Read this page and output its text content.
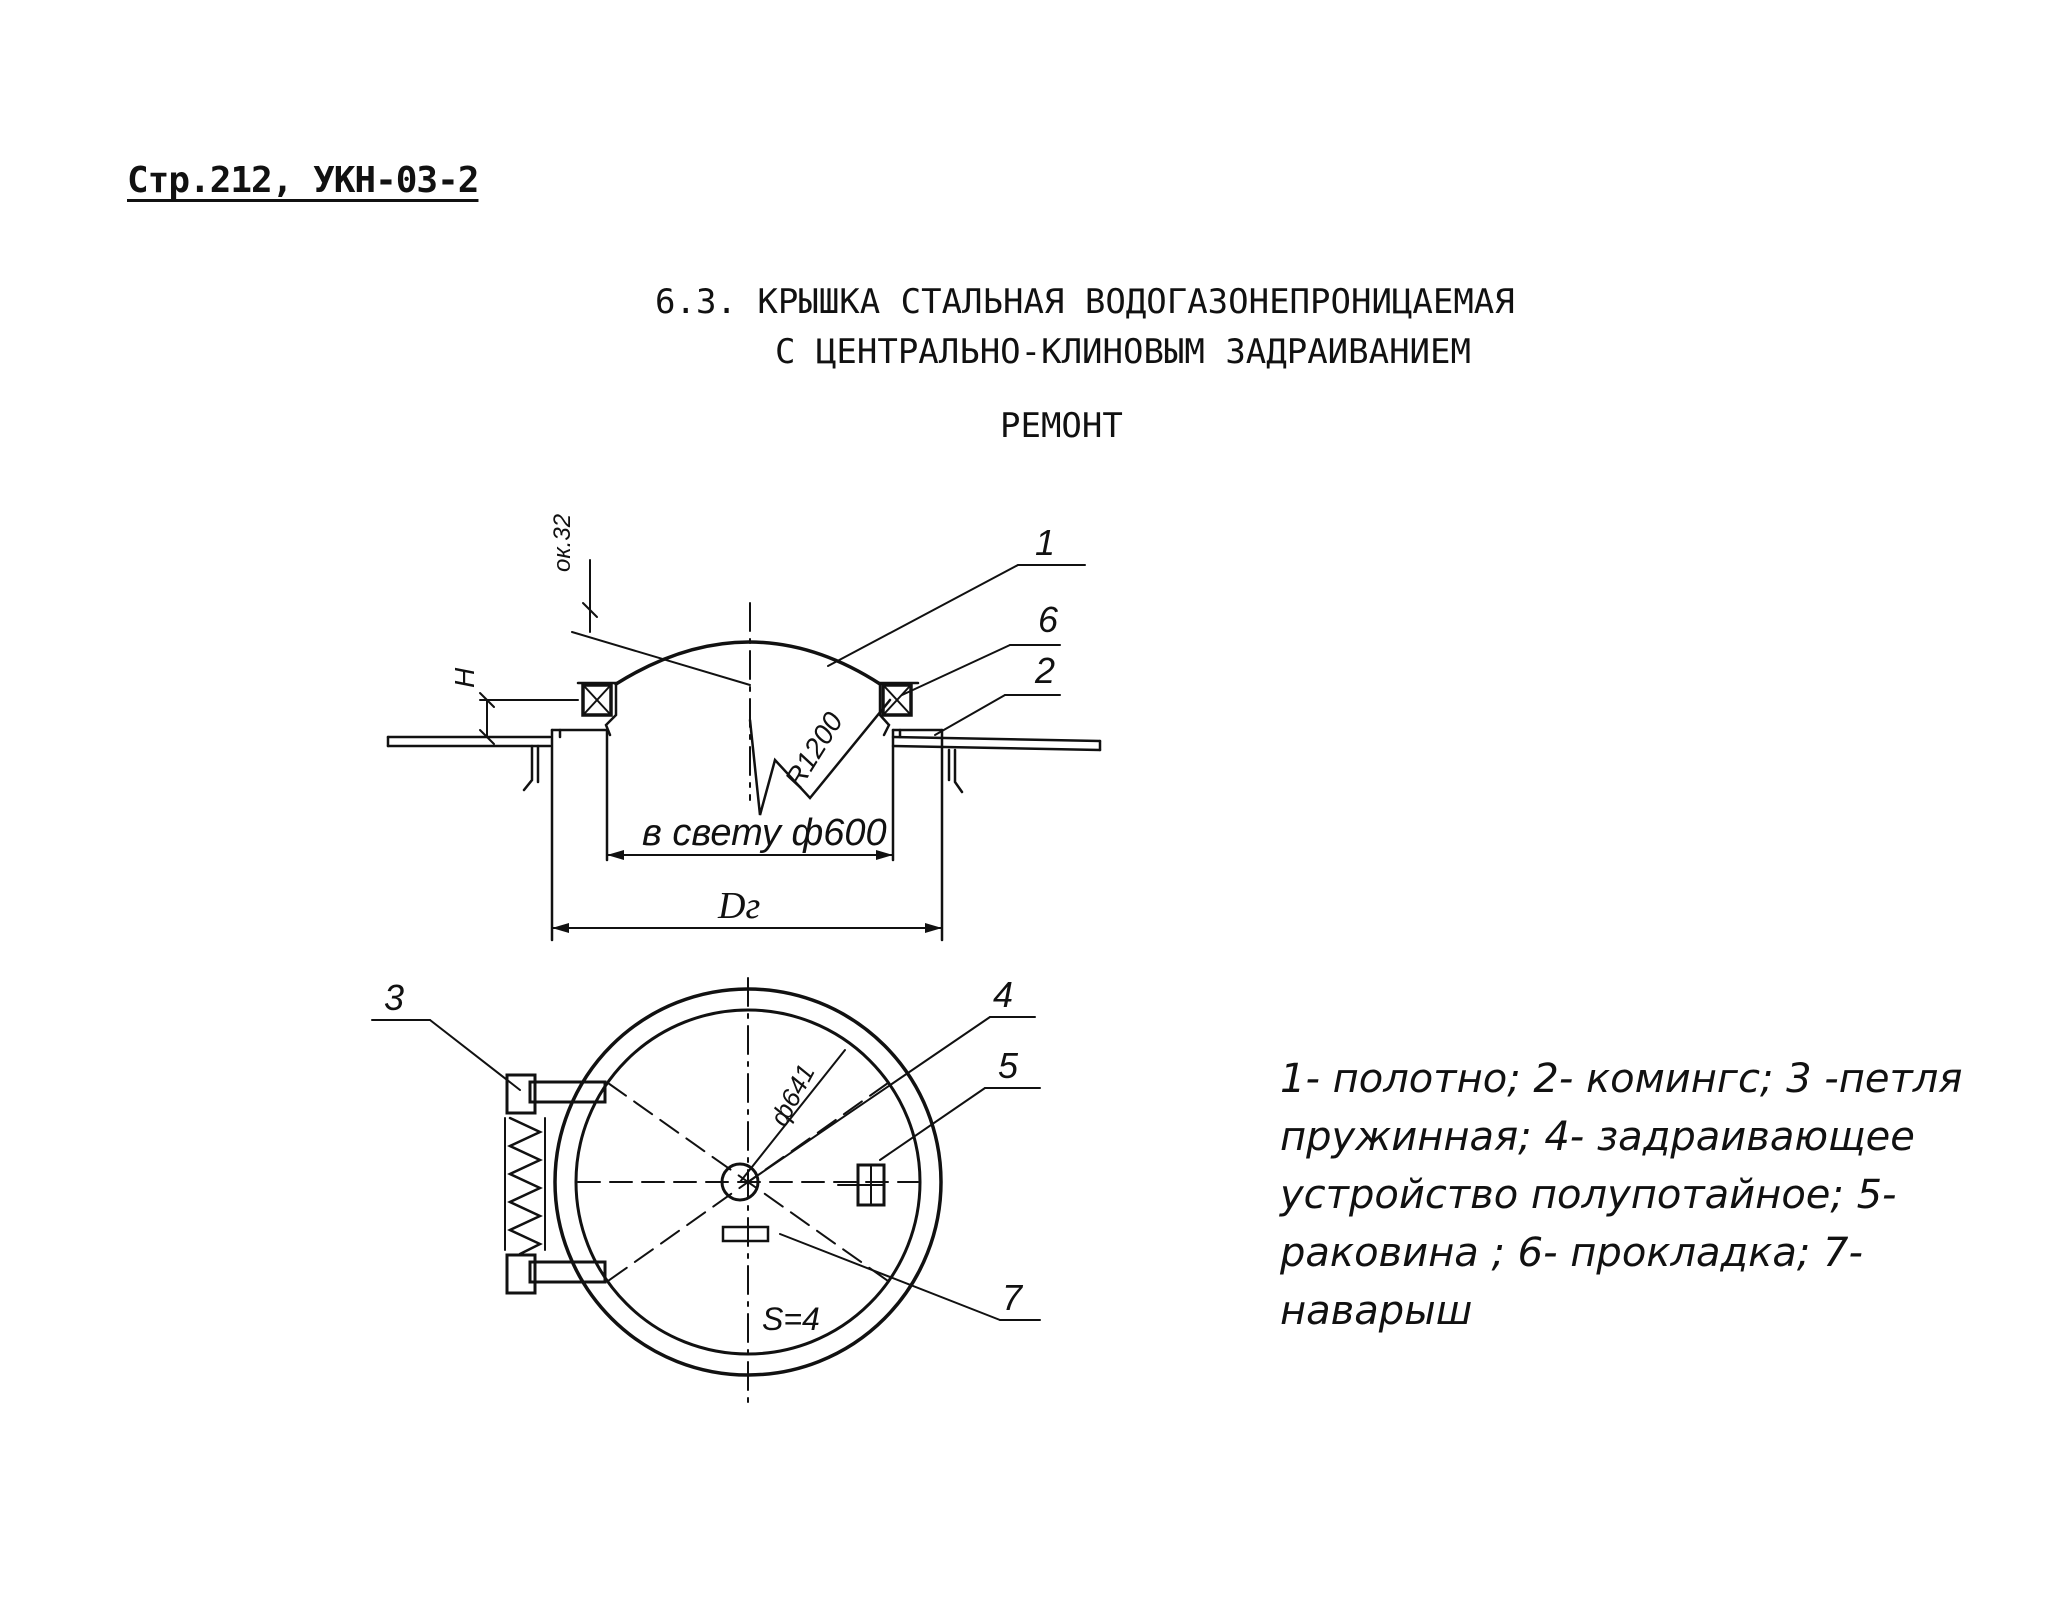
Стр.212, УКН-03-2
6.3. КРЫШКА СТАЛЬНАЯ ВОДОГАЗОНЕПРОНИЦАЕМАЯ
С ЦЕНТРАЛЬНО-КЛИНОВЫМ ЗАДРАИВАНИЕМ
РЕМОНТ
ок.32
H
R1200
в свету ф600
Dг
1
6
2
3	4
5
7
ф641
S=4
1- полотно; 2- комингс; 3 -петля пружинная; 4- задраивающее устройство полупотайное; 5- раковина ; 6- прокладка; 7- наварыш
